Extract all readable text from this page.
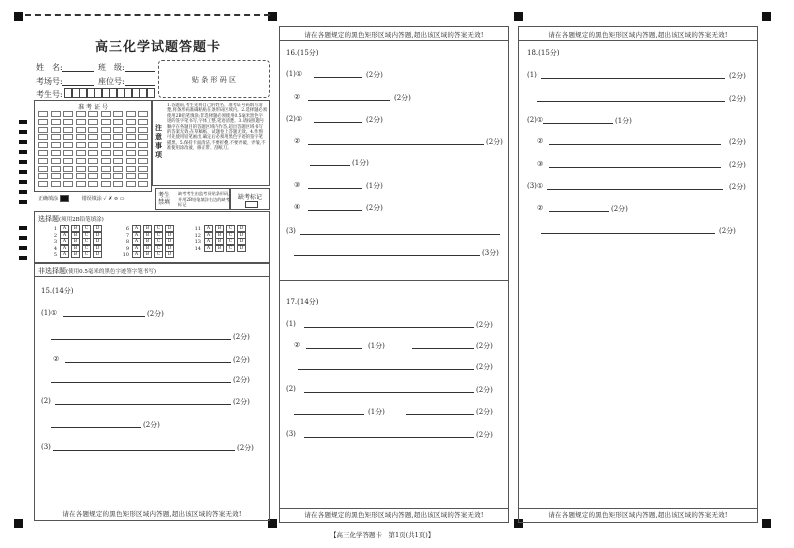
高三化学试题答题卡
姓　名:	班　级:
考场号:	座位号:
考生号:
贴 条 形 码 区
准 考 证 号
注意事项
1.答题前,考生先将自己的姓名、准考证号码填写清楚,将条形码准确粘贴在条形码区域内。2.选择题必须使用2B铅笔填涂;非选择题必须使用0.5毫米黑色字迹的签字笔书写,字体工整,笔迹清楚。3.请按照题号顺序在各题目的答题区域内作答,超出答题区域书写的答案无效;在草稿纸、试题卷上答题无效。4.作图可先使用铅笔画出,确定后必须用黑色字迹的签字笔描黑。5.保持卡面清洁,不要折叠,不要弄破、弄皱,不准使用涂改液、修正带、刮纸刀。
正确填涂	错误填涂 ✓ ✗ ⊘ ▭	考生禁填
缺考考生由监考员贴条形码,并用2B铅笔填涂右边的缺考标记
缺考标记
选择题(须用2B铅笔填涂)
1 A B C D
2 A B C D
3 A B C D
4 A B C D
5 A B C D
6 A B C D
7 A B C D
8 A B C D
9 A B C D
10 A B C D
11 A B C D
12 A B C D
13 A B C D
14 A B C D
非选择题(使用0.5毫米的黑色字迹签字笔书写)
15.(14分)
(1)①	(2分)
(2分)
②	(2分)
(2分)
(2)	(2分)
(2分)
(3)	(2分)
请在各题规定的黑色矩形区域内答题,超出该区域的答案无效!
请在各题规定的黑色矩形区域内答题,超出该区域的答案无效!
16.(15分)
(1)①	(2分)
②	(2分)
(2)①	(2分)
②	(2分)
(1分)
③	(1分)
④	(2分)
(3)
(3分)
17.(14分)
(1)	(2分)
②	(1分)	(2分)
(2分)
(2)	(2分)
(1分)	(2分)
(3)	(2分)
请在各题规定的黑色矩形区域内答题,超出该区域的答案无效!
请在各题规定的黑色矩形区域内答题,超出该区域的答案无效!
18.(15分)
(1)	(2分)
(2分)
(2)①	(1分)
②	(2分)
③	(2分)
(3)①	(2分)
②	(2分)
(2分)
请在各题规定的黑色矩形区域内答题,超出该区域的答案无效!
【高三化学答题卡　第1页(共1页)】
